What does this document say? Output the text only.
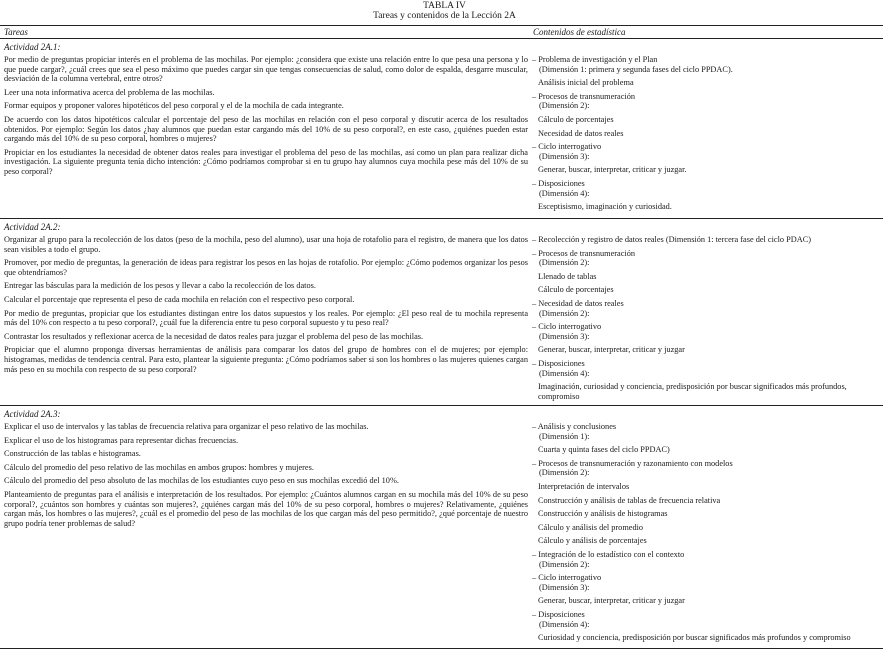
TABLA IV
Tareas y contenidos de la Lección 2A
Tareas	Contenidos de estadística
Actividad 2A.1:
Por medio de preguntas propiciar interés en el problema de las mochilas. Por ejemplo: ¿considera que existe una relación entre lo que pesa una persona y lo que puede cargar?, ¿cuál crees que sea el peso máximo que puedes cargar sin que tengas consecuencias de salud, como dolor de espalda, desgarre muscular, desviación de la columna vertebral, entre otros?
Leer una nota informativa acerca del problema de las mochilas.
Formar equipos y proponer valores hipotéticos del peso corporal y el de la mochila de cada integrante.
De acuerdo con los datos hipotéticos calcular el porcentaje del peso de las mochilas en relación con el peso corporal y discutir acerca de los resultados obtenidos. Por ejemplo: Según los datos ¿hay alumnos que puedan estar cargando más del 10% de su peso corporal?, en este caso, ¿quiénes pueden estar cargando más del 10% de su peso corporal, hombres o mujeres?
Propiciar en los estudiantes la necesidad de obtener datos reales para investigar el problema del peso de las mochilas, así como un plan para realizar dicha investigación. La siguiente pregunta tenía dicho intención: ¿Cómo podríamos comprobar si en tu grupo hay alumnos cuya mochila pese más del 10% de su peso corporal?
– Problema de investigación y el Plan
(Dimensión 1: primera y segunda fases del ciclo PPDAC).
Análisis inicial del problema
– Procesos de transnumeración
(Dimensión 2):
Cálculo de porcentajes
Necesidad de datos reales
– Ciclo interrogativo
(Dimensión 3):
Generar, buscar, interpretar, criticar y juzgar.
– Disposiciones
(Dimensión 4):
Esceptisismo, imaginación y curiosidad.
Actividad 2A.2:
Organizar al grupo para la recolección de los datos (peso de la mochila, peso del alumno), usar una hoja de rotafolio para el registro, de manera que los datos sean visibles a todo el grupo.
Promover, por medio de preguntas, la generación de ideas para registrar los pesos en las hojas de rotafolio. Por ejemplo: ¿Cómo podemos organizar los pesos que obtendríamos?
Entregar las básculas para la medición de los pesos y llevar a cabo la recolección de los datos.
Calcular el porcentaje que representa el peso de cada mochila en relación con el respectivo peso corporal.
Por medio de preguntas, propiciar que los estudiantes distingan entre los datos supuestos y los reales. Por ejemplo: ¿El peso real de tu mochila representa más del 10% con respecto a tu peso corporal?, ¿cuál fue la diferencia entre tu peso corporal supuesto y tu peso real?
Contrastar los resultados y reflexionar acerca de la necesidad de datos reales para juzgar el problema del peso de las mochilas.
Propiciar que el alumno proponga diversas herramientas de análisis para comparar los datos del grupo de hombres con el de mujeres; por ejemplo: histogramas, medidas de tendencia central. Para esto, plantear la siguiente pregunta: ¿Cómo podríamos saber si son los hombres o las mujeres quienes cargan más peso en su mochila con respecto de su peso corporal?
– Recolección y registro de datos reales (Dimensión 1: tercera fase del ciclo PDAC)
– Procesos de transnumeración
(Dimensión 2):
Llenado de tablas
Cálculo de porcentajes
– Necesidad de datos reales
(Dimensión 2):
– Ciclo interrogativo
(Dimensión 3):
Generar, buscar, interpretar, criticar y juzgar
– Disposiciones
(Dimensión 4):
Imaginación, curiosidad y conciencia, predisposición por buscar significados más profundos, compromiso
Actividad 2A.3:
Explicar el uso de intervalos y las tablas de frecuencia relativa para organizar el peso relativo de las mochilas.
Explicar el uso de los histogramas para representar dichas frecuencias.
Construcción de las tablas e histogramas.
Cálculo del promedio del peso relativo de las mochilas en ambos grupos: hombres y mujeres.
Cálculo del promedio del peso absoluto de las mochilas de los estudiantes cuyo peso en sus mochilas excedió del 10%.
Planteamiento de preguntas para el análisis e interpretación de los resultados. Por ejemplo: ¿Cuántos alumnos cargan en su mochila más del 10% de su peso corporal?, ¿cuántos son hombres y cuántas son mujeres?, ¿quiénes cargan más del 10% de su peso corporal, hombres o mujeres? Relativamente, ¿quiénes cargan más, los hombres o las mujeres?, ¿cuál es el promedio del peso de las mochilas de los que cargan más del peso permitido?, ¿qué porcentaje de nuestro grupo podría tener problemas de salud?
– Análisis y conclusiones
(Dimensión 1):
Cuarta y quinta fases del ciclo PPDAC)
– Procesos de transnumeración y razonamiento con modelos
(Dimensión 2):
Interpretación de intervalos
Construcción y análisis de tablas de frecuencia relativa
Construcción y análisis de histogramas
Cálculo y análisis del promedio
Cálculo y análisis de porcentajes
– Integración de lo estadístico con el contexto
(Dimensión 2):
– Ciclo interrogativo
(Dimensión 3):
Generar, buscar, interpretar, criticar y juzgar
– Disposiciones
(Dimensión 4):
Curiosidad y conciencia, predisposición por buscar significados más profundos y compromiso
